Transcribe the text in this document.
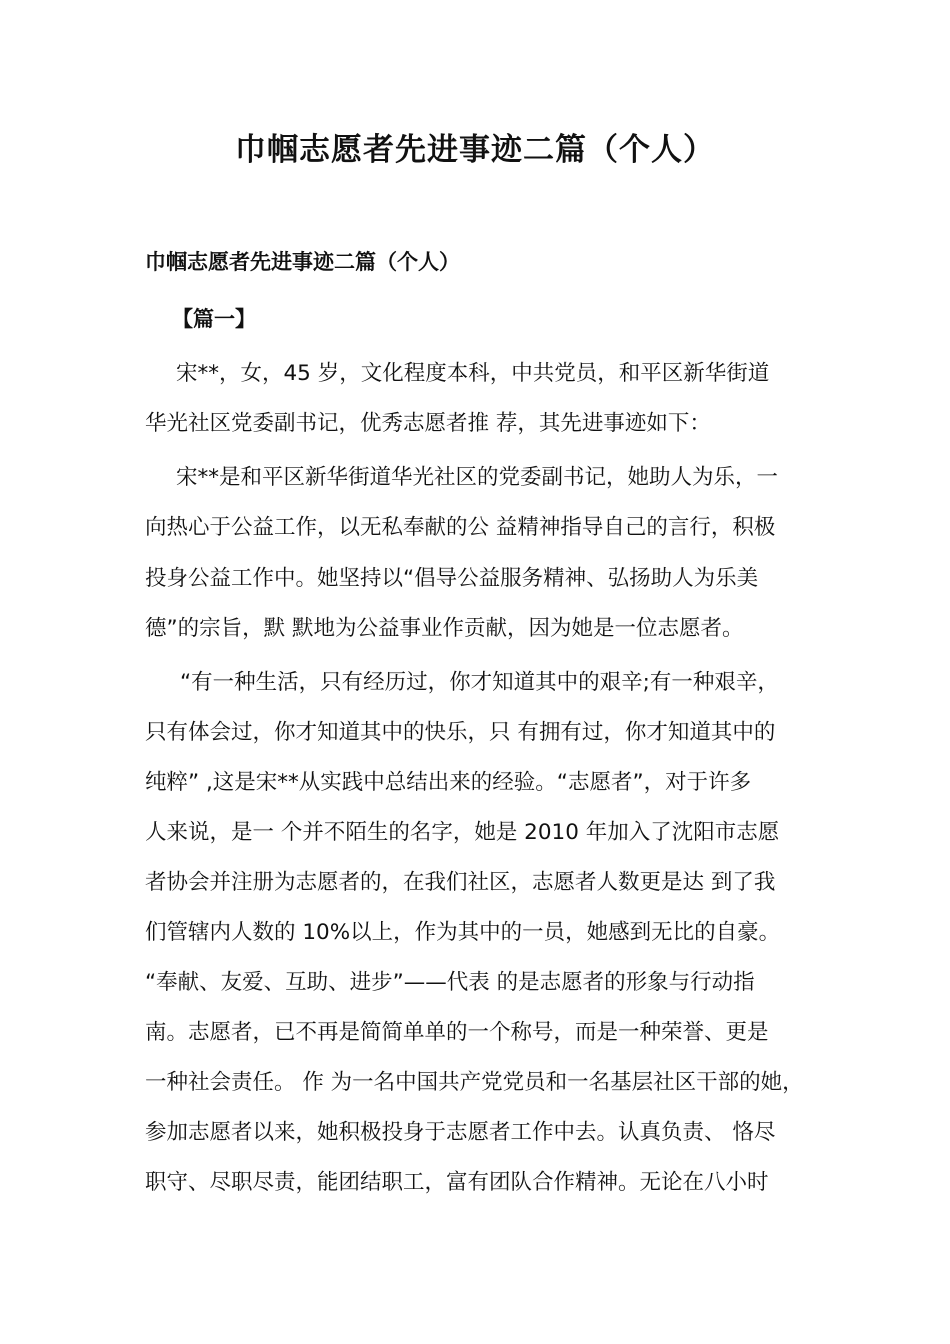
巾帼志愿者先进事迹二篇（个人）
巾帼志愿者先进事迹二篇（个人）
【篇一】
宋**，女，45 岁，文化程度本科，中共党员，和平区新华街道
华光社区党委副书记，优秀志愿者推 荐，其先进事迹如下：
宋**是和平区新华街道华光社区的党委副书记，她助人为乐，一
向热心于公益工作，以无私奉献的公 益精神指导自己的言行，积极
投身公益工作中。她坚持以“倡导公益服务精神、弘扬助人为乐美
德”的宗旨，默 默地为公益事业作贡献，因为她是一位志愿者。
“有一种生活，只有经历过，你才知道其中的艰辛;有一种艰辛，
只有体会过，你才知道其中的快乐，只 有拥有过，你才知道其中的
纯粹” ,这是宋**从实践中总结出来的经验。“志愿者”，对于许多
人来说，是一 个并不陌生的名字，她是 2010 年加入了沈阳市志愿
者协会并注册为志愿者的，在我们社区，志愿者人数更是达 到了我
们管辖内人数的 10%以上，作为其中的一员，她感到无比的自豪。
“奉献、友爱、互助、进步”——代表 的是志愿者的形象与行动指
南。志愿者，已不再是简简单单的一个称号，而是一种荣誉、更是
一种社会责任。 作 为一名中国共产党党员和一名基层社区干部的她，
参加志愿者以来，她积极投身于志愿者工作中去。认真负责、 恪尽
职守、尽职尽责，能团结职工，富有团队合作精神。无论在八小时
